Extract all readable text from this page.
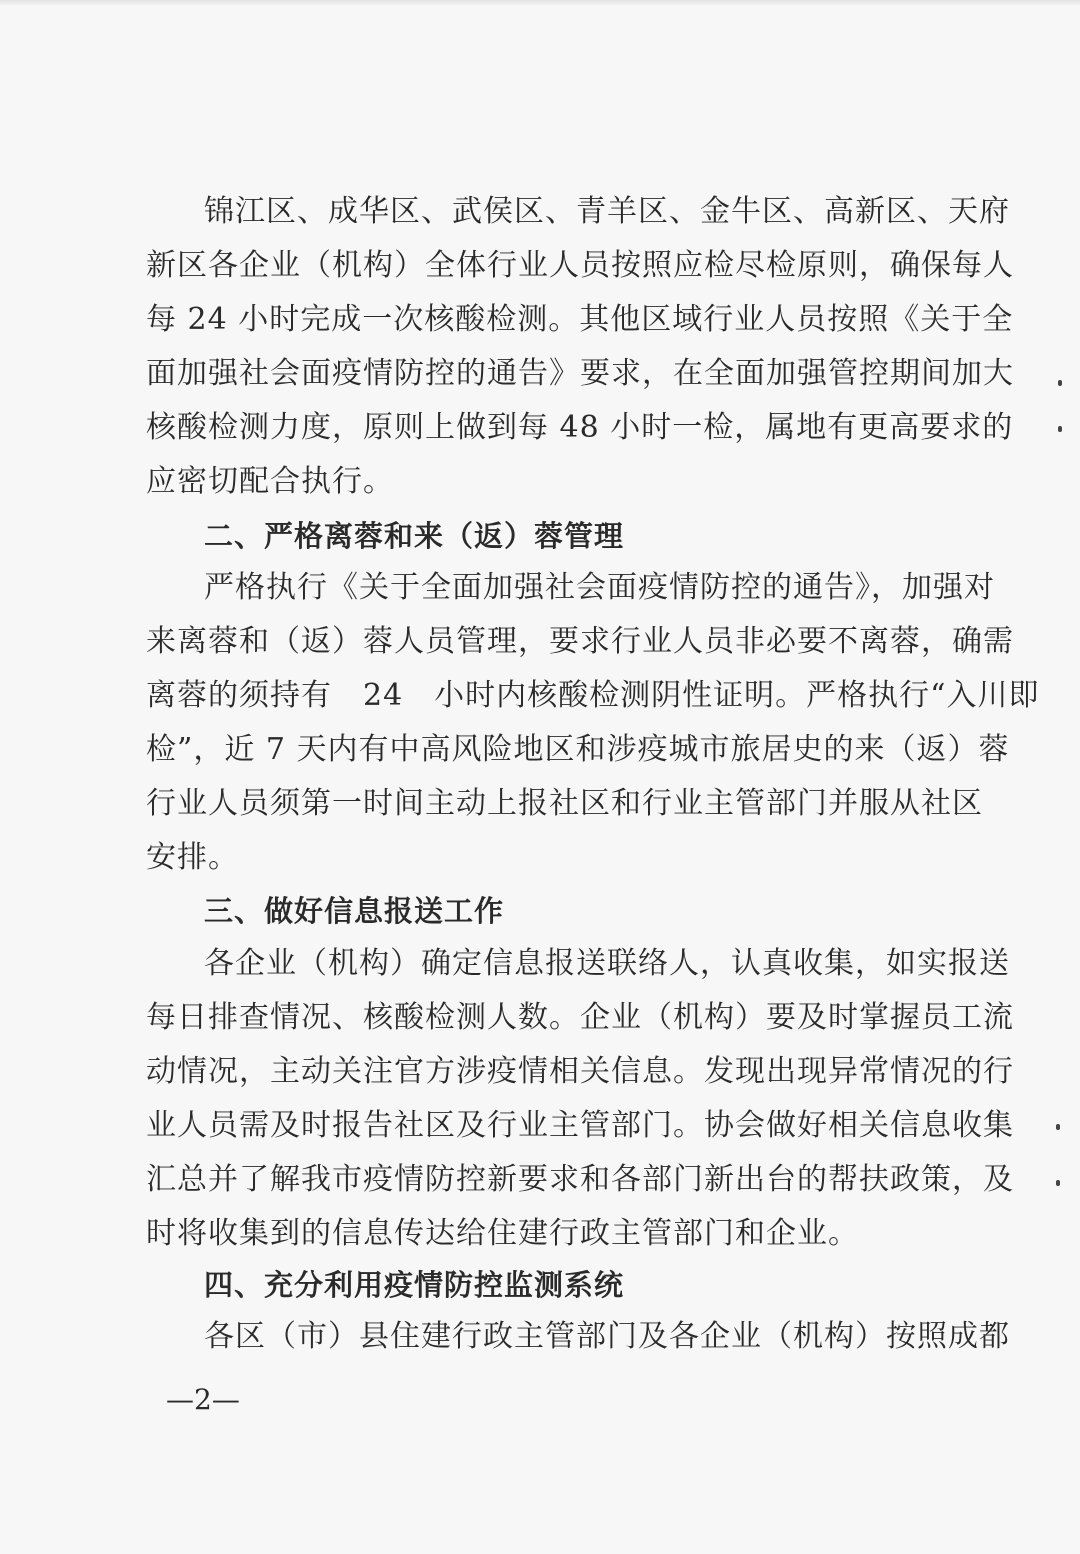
锦江区、成华区、武侯区、青羊区、金牛区、高新区、天府
新区各企业（机构）全体行业人员按照应检尽检原则，确保每人
每 24 小时完成一次核酸检测。其他区域行业人员按照《关于全
面加强社会面疫情防控的通告》要求，在全面加强管控期间加大
核酸检测力度，原则上做到每 48 小时一检，属地有更高要求的
应密切配合执行。
二、严格离蓉和来（返）蓉管理
严格执行《关于全面加强社会面疫情防控的通告》，加强对
来离蓉和（返）蓉人员管理，要求行业人员非必要不离蓉，确需
离蓉的须持有　24　小时内核酸检测阴性证明。严格执行“入川即
检”，近 7 天内有中高风险地区和涉疫城市旅居史的来（返）蓉
行业人员须第一时间主动上报社区和行业主管部门并服从社区
安排。
三、做好信息报送工作
各企业（机构）确定信息报送联络人，认真收集，如实报送
每日排查情况、核酸检测人数。企业（机构）要及时掌握员工流
动情况，主动关注官方涉疫情相关信息。发现出现异常情况的行
业人员需及时报告社区及行业主管部门。协会做好相关信息收集
汇总并了解我市疫情防控新要求和各部门新出台的帮扶政策，及
时将收集到的信息传达给住建行政主管部门和企业。
四、充分利用疫情防控监测系统
各区（市）县住建行政主管部门及各企业（机构）按照成都
—2—
